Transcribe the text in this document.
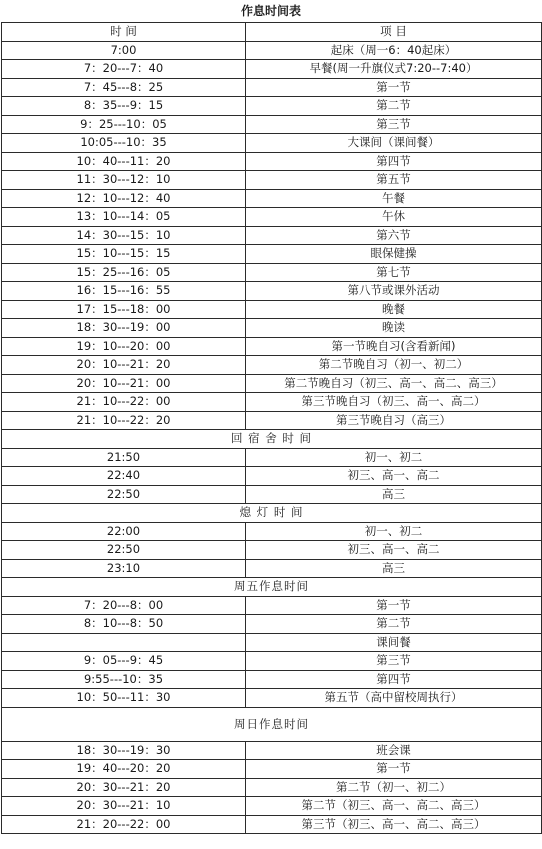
作息时间表
时 间	项 目
7:00	起床（周一6：40起床）
7：20---7：40	早餐(周一升旗仪式7:20--7:40）
7：45---8：25	第一节
8：35---9：15	第二节
9：25---10：05	第三节
10:05---10：35	大课间（课间餐）
10：40---11：20	第四节
11：30---12：10	第五节
12：10---12：40	午餐
13：10---14：05	午休
14：30---15：10	第六节
15：10---15：15	眼保健操
15：25---16：05	第七节
16：15---16：55	第八节或课外活动
17：15---18：00	晚餐
18：30---19：00	晚读
19：10---20：00	第一节晚自习(含看新闻)
20：10---21：20	第二节晚自习（初一、初二）
20：10---21：00	第二节晚自习（初三、高一、高二、高三）
21：10---22：00	第三节晚自习（初三、高一、高二）
21：10---22：20	第三节晚自习（高三）
回 宿 舍 时 间	
21:50	初一、初二
22:40	初三、高一、高二
22:50	高三
熄 灯 时 间	
22:00	初一、初二
22:50	初三、高一、高二
23:10	高三
周五作息时间	
7：20---8：00	第一节
8：10---8：50	第二节
	课间餐
9：05---9：45	第三节
9:55---10：35	第四节
10：50---11：30	第五节（高中留校周执行）
周日作息时间	
18：30---19：30	班会课
19：40---20：20	第一节
20：30---21：20	第二节（初一、初二）
20：30---21：10	第二节（初三、高一、高二、高三）
21：20---22：00	第三节（初三、高一、高二、高三）
